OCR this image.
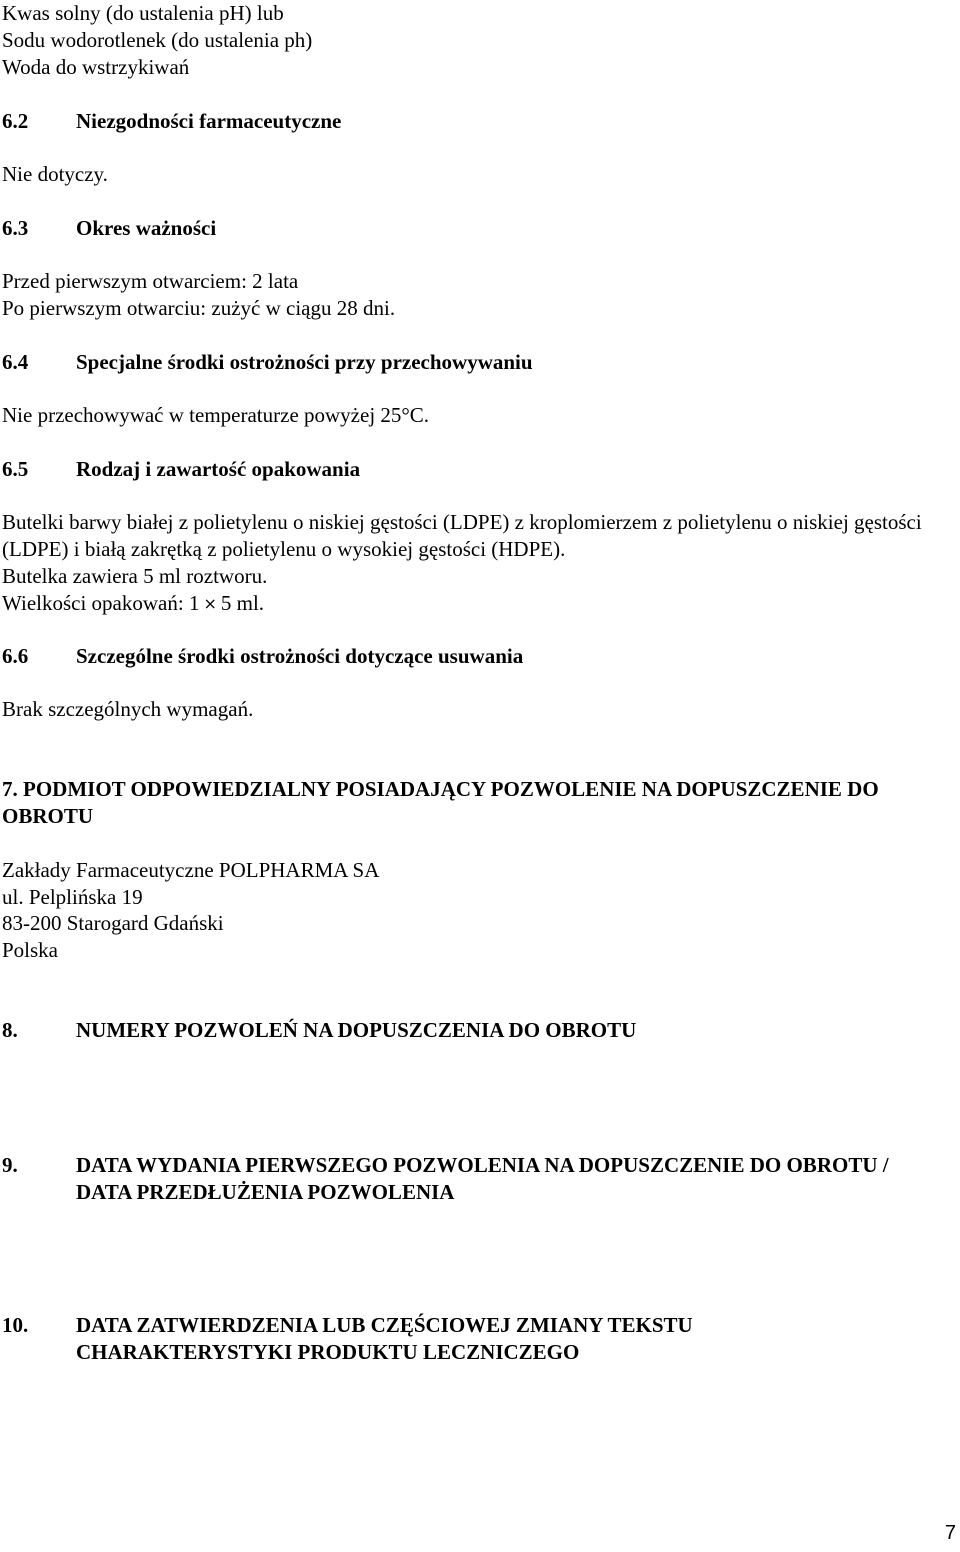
Kwas solny (do ustalenia pH) lub
Sodu wodorotlenek (do ustalenia ph)
Woda do wstrzykiwań
6.2 Niezgodności farmaceutyczne
Nie dotyczy.
6.3 Okres ważności
Przed pierwszym otwarciem: 2 lata
Po pierwszym otwarciu: zużyć w ciągu 28 dni.
6.4 Specjalne środki ostrożności przy przechowywaniu
Nie przechowywać w temperaturze powyżej 25°C.
6.5 Rodzaj i zawartość opakowania
Butelki barwy białej z polietylenu o niskiej gęstości (LDPE) z kroplomierzem z polietylenu o niskiej gęstości (LDPE) i białą zakrętką z polietylenu o wysokiej gęstości (HDPE).
Butelka zawiera 5 ml roztworu.
Wielkości opakowań: 1 × 5 ml.
6.6 Szczególne środki ostrożności dotyczące usuwania
Brak szczególnych wymagań.
7. PODMIOT ODPOWIEDZIALNY POSIADAJĄCY POZWOLENIE NA DOPUSZCZENIE DO OBROTU
Zakłady Farmaceutyczne POLPHARMA SA
ul. Pelplińska 19
83-200 Starogard Gdański
Polska
8.	NUMERY POZWOLEŃ NA DOPUSZCZENIA DO OBROTU
9.	DATA WYDANIA PIERWSZEGO POZWOLENIA NA DOPUSZCZENIE DO OBROTU / DATA PRZEDŁUŻENIA POZWOLENIA
10.	DATA ZATWIERDZENIA LUB CZĘŚCIOWEJ ZMIANY TEKSTU CHARAKTERYSTYKI PRODUKTU LECZNICZEGO
7
